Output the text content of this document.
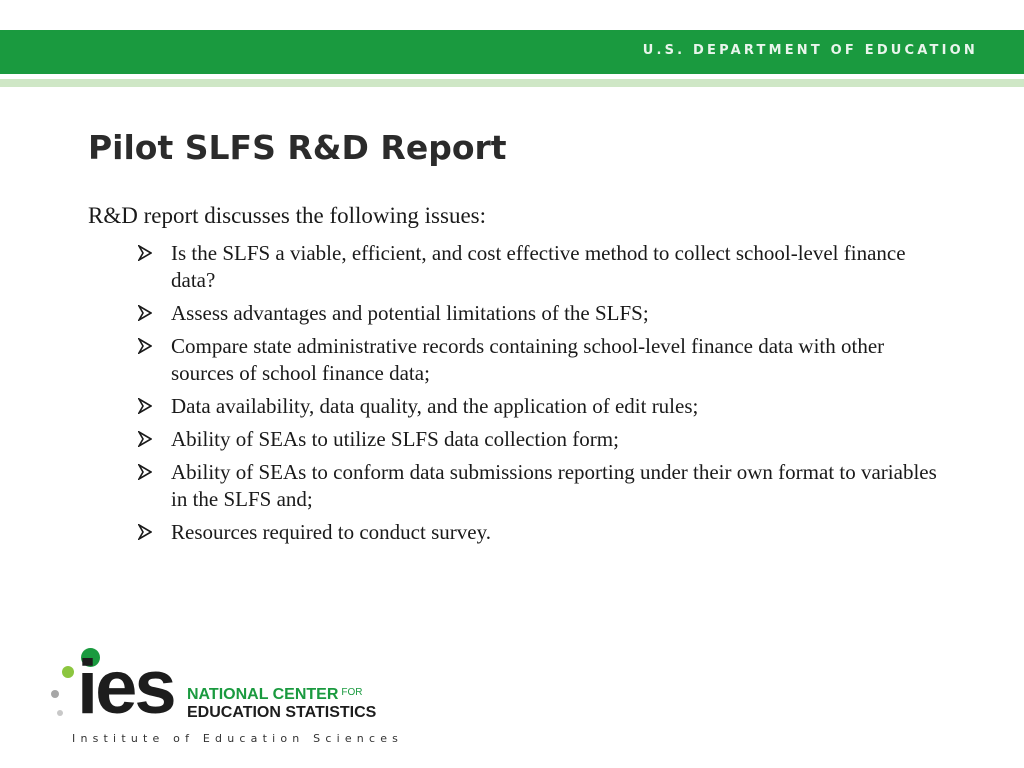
U.S. DEPARTMENT OF EDUCATION
Pilot SLFS R&D Report
R&D report discusses the following issues:
Is the SLFS a viable, efficient, and cost effective method to collect school-level finance data?
Assess advantages and potential limitations of the SLFS;
Compare state administrative records containing school-level finance data with other sources of school finance data;
Data availability, data quality, and the application of edit rules;
Ability of SEAs to utilize SLFS data collection form;
Ability of SEAs to conform data submissions reporting under their own format to variables in the SLFS and;
Resources required to conduct survey.
ies NATIONAL CENTER $^{FOR}$
EDUCATION STATISTICS
Institute of Education Sciences
